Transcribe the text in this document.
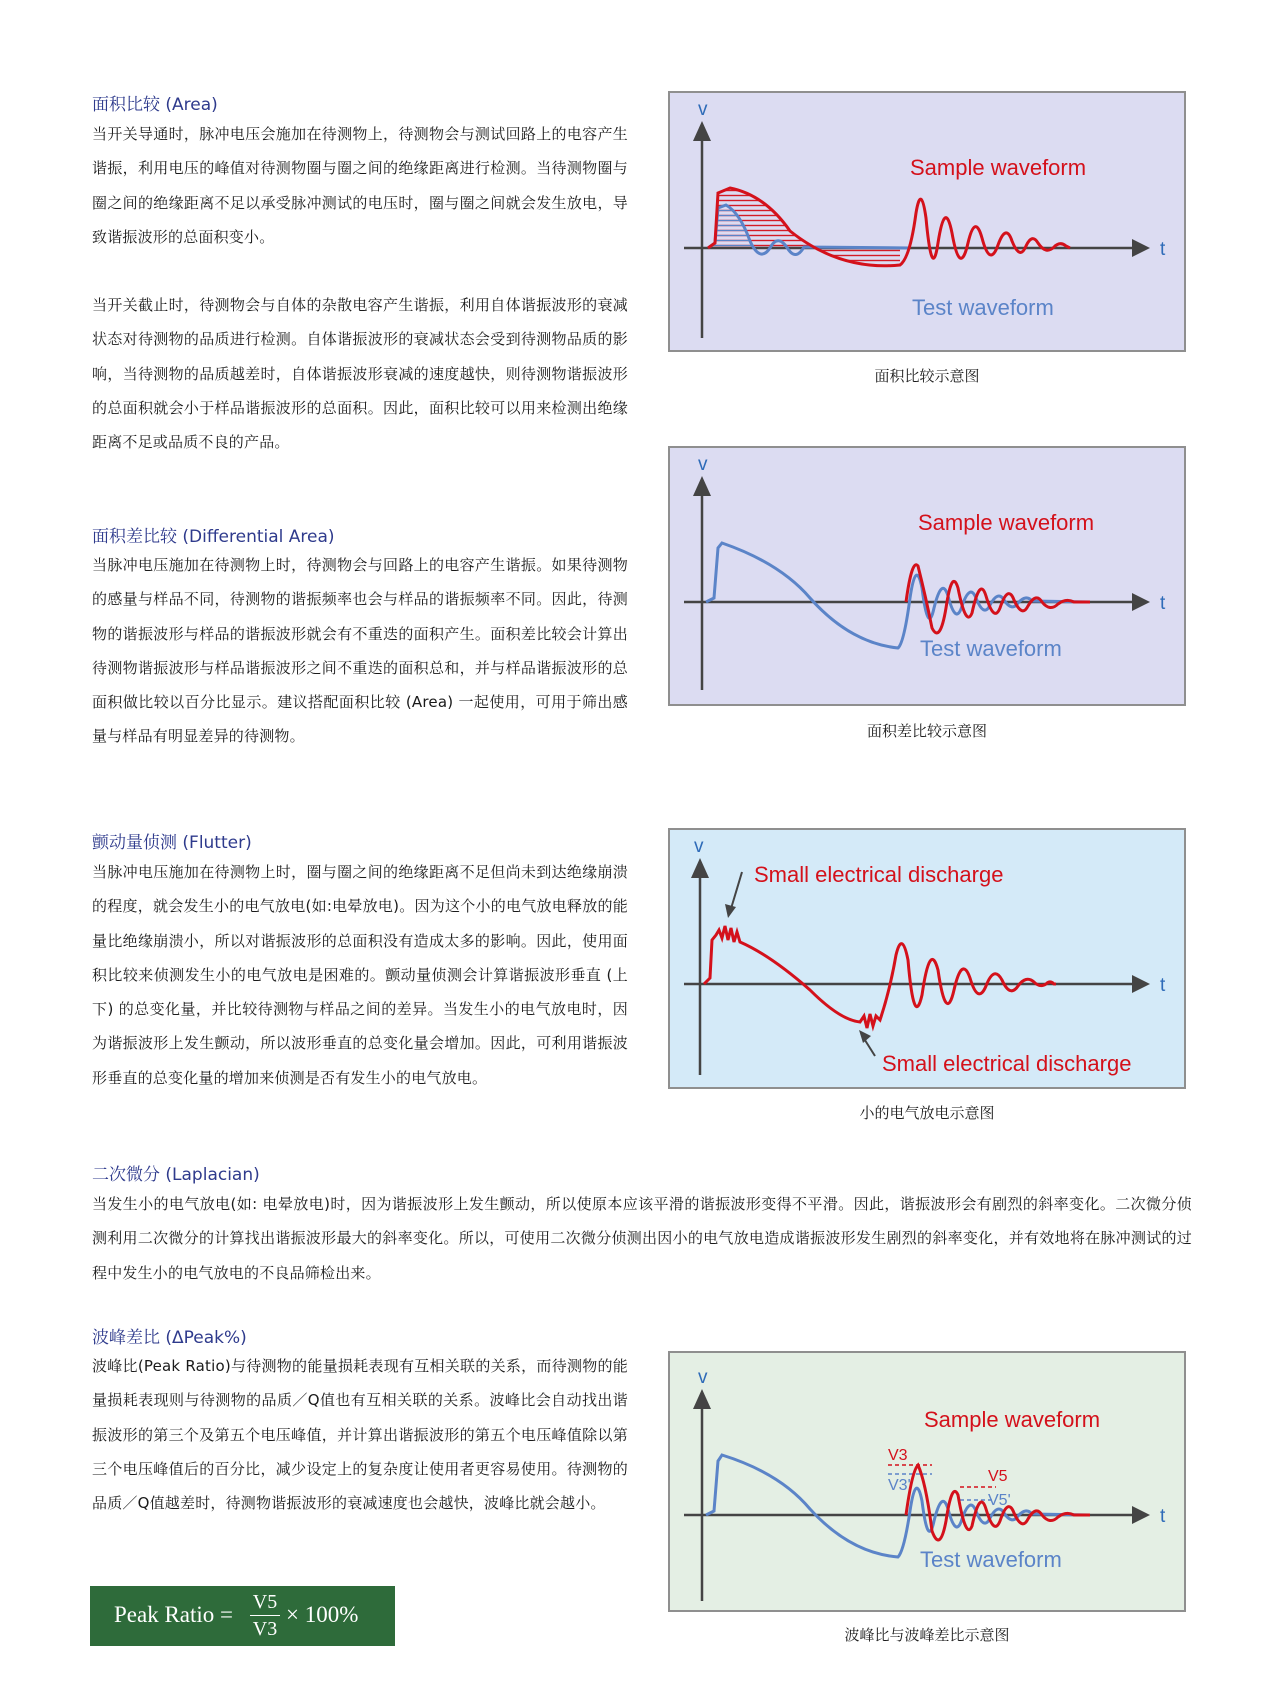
面积比较 (Area)

当开关导通时，脉冲电压会施加在待测物上，待测物会与测试回路上的电容产生谐振，利用电压的峰值对待测物圈与圈之间的绝缘距离进行检测。当待测物圈与圈之间的绝缘距离不足以承受脉冲测试的电压时，圈与圈之间就会发生放电，导致谐振波形的总面积变小。

当开关截止时，待测物会与自体的杂散电容产生谐振，利用自体谐振波形的衰减状态对待测物的品质进行检测。自体谐振波形的衰减状态会受到待测物品质的影响，当待测物的品质越差时，自体谐振波形衰减的速度越快，则待测物谐振波形的总面积就会小于样品谐振波形的总面积。因此，面积比较可以用来检测出绝缘距离不足或品质不良的产品。

面积差比较 (Differential Area)

当脉冲电压施加在待测物上时，待测物会与回路上的电容产生谐振。如果待测物的感量与样品不同，待测物的谐振频率也会与样品的谐振频率不同。因此，待测物的谐振波形与样品的谐振波形就会有不重迭的面积产生。面积差比较会计算出待测物谐振波形与样品谐振波形之间不重迭的面积总和，并与样品谐振波形的总面积做比较以百分比显示。建议搭配面积比较 (Area) 一起使用，可用于筛出感量与样品有明显差异的待测物。

颤动量侦测 (Flutter)

当脉冲电压施加在待测物上时，圈与圈之间的绝缘距离不足但尚未到达绝缘崩溃的程度，就会发生小的电气放电(如:电晕放电)。因为这个小的电气放电释放的能量比绝缘崩溃小，所以对谐振波形的总面积没有造成太多的影响。因此，使用面积比较来侦测发生小的电气放电是困难的。颤动量侦测会计算谐振波形垂直 (上下) 的总变化量，并比较待测物与样品之间的差异。当发生小的电气放电时，因为谐振波形上发生颤动，所以波形垂直的总变化量会增加。因此，可利用谐振波形垂直的总变化量的增加来侦测是否有发生小的电气放电。

二次微分 (Laplacian)

当发生小的电气放电(如: 电晕放电)时，因为谐振波形上发生颤动，所以使原本应该平滑的谐振波形变得不平滑。因此，谐振波形会有剧烈的斜率变化。二次微分侦测利用二次微分的计算找出谐振波形最大的斜率变化。所以，可使用二次微分侦测出因小的电气放电造成谐振波形发生剧烈的斜率变化，并有效地将在脉冲测试的过程中发生小的电气放电的不良品筛检出来。

波峰差比 (ΔPeak%)

波峰比(Peak Ratio)与待测物的能量损耗表现有互相关联的关系，而待测物的能量损耗表现则与待测物的品质／Q值也有互相关联的关系。波峰比会自动找出谐振波形的第三个及第五个电压峰值，并计算出谐振波形的第五个电压峰值除以第三个电压峰值后的百分比，减少设定上的复杂度让使用者更容易使用。待测物的品质／Q值越差时，待测物谐振波形的衰减速度也会越快，波峰比就会越小。

Peak Ratio = $\frac{V5}{V3} \times 100\%$
v
t
Sample waveform
Test waveform
面积比较示意图
v
t
Sample waveform
Test waveform
面积差比较示意图
v
t
Small electrical discharge
Small electrical discharge
小的电气放电示意图
v
t
Sample waveform
Test waveform
V3
V3'
V5
V5'
波峰比与波峰差比示意图
